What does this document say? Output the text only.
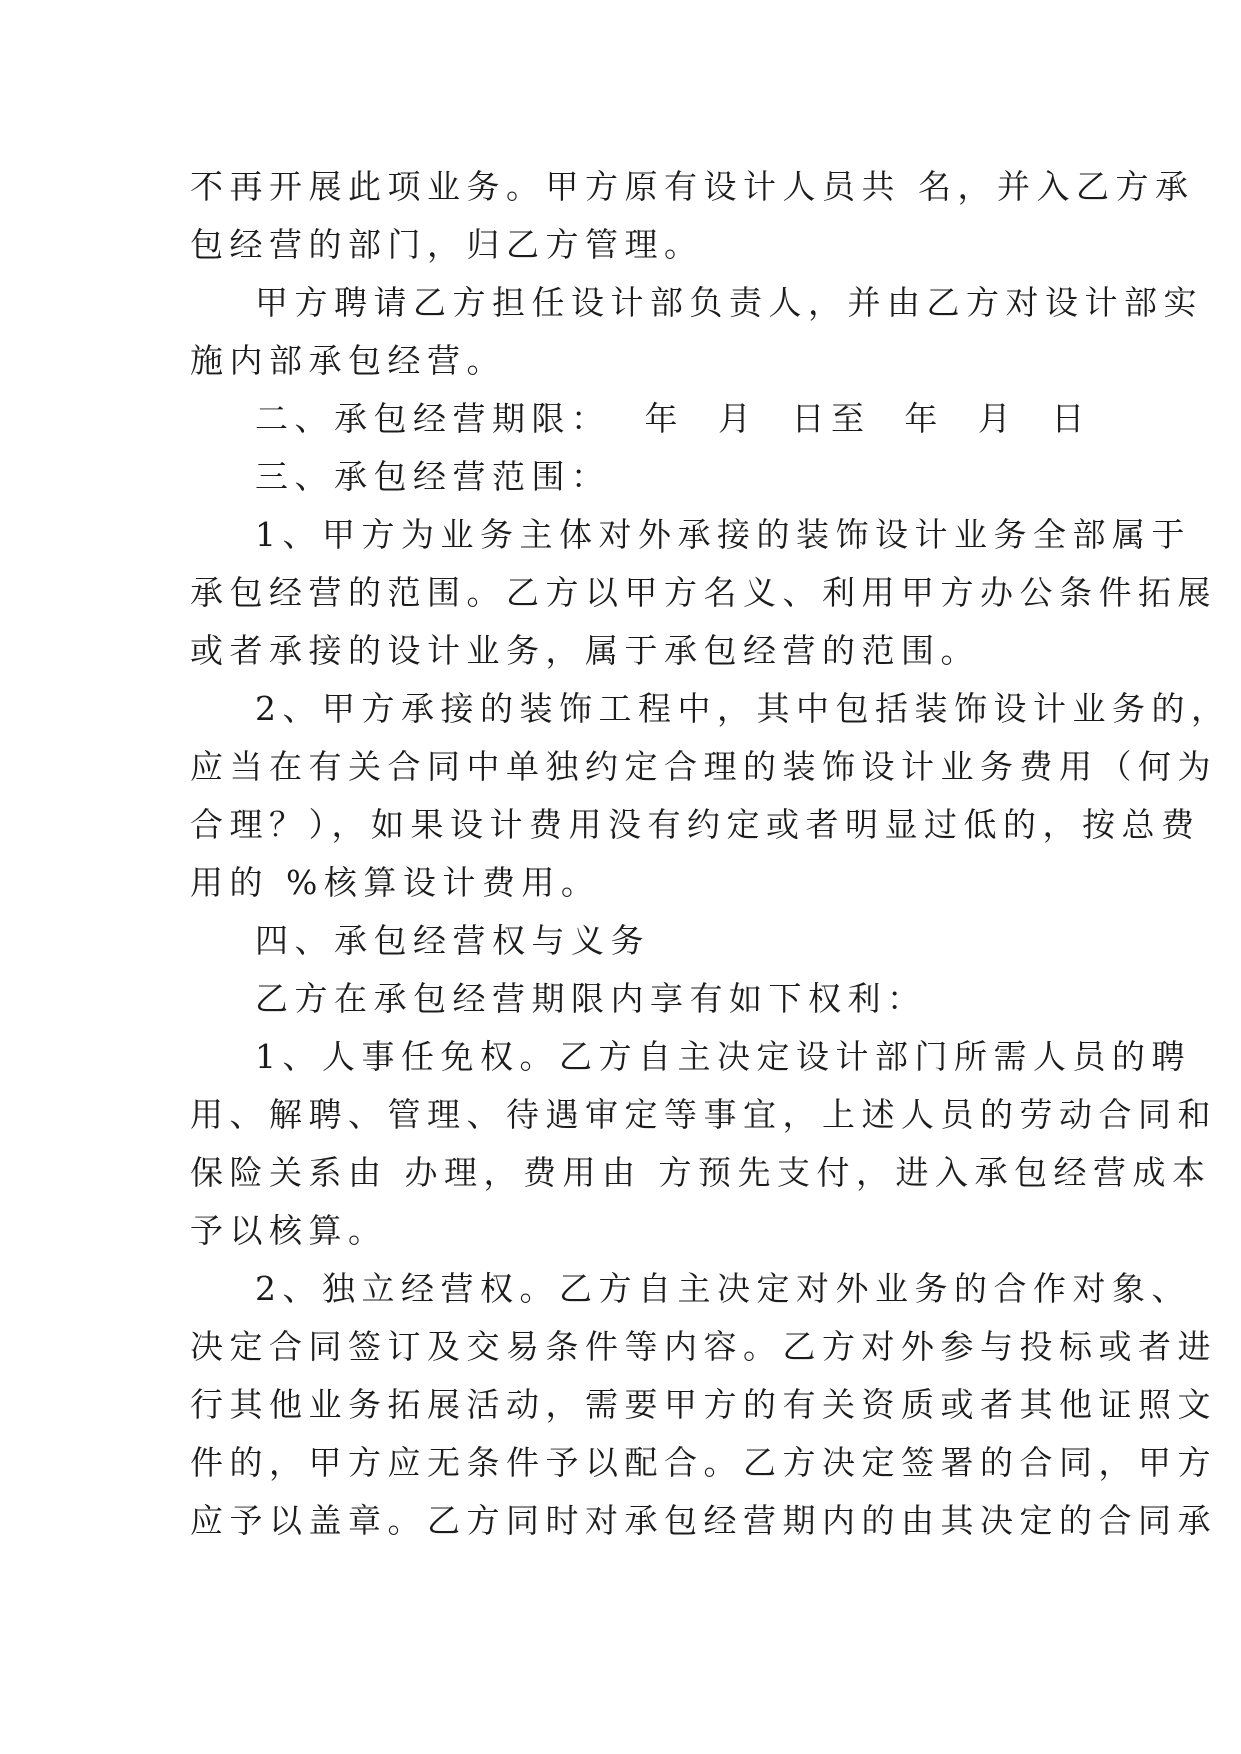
不再开展此项业务。甲方原有设计人员共 名，并入乙方承

包经营的部门，归乙方管理。

甲方聘请乙方担任设计部负责人，并由乙方对设计部实

施内部承包经营。

二、承包经营期限：  年  月  日至  年  月  日

三、承包经营范围：

1、甲方为业务主体对外承接的装饰设计业务全部属于

承包经营的范围。乙方以甲方名义、利用甲方办公条件拓展

或者承接的设计业务，属于承包经营的范围。

2、甲方承接的装饰工程中，其中包括装饰设计业务的，

应当在有关合同中单独约定合理的装饰设计业务费用（何为

合理？），如果设计费用没有约定或者明显过低的，按总费

用的 %核算设计费用。

四、承包经营权与义务

乙方在承包经营期限内享有如下权利：

1、人事任免权。乙方自主决定设计部门所需人员的聘

用、解聘、管理、待遇审定等事宜，上述人员的劳动合同和

保险关系由 办理，费用由 方预先支付，进入承包经营成本

予以核算。

2、独立经营权。乙方自主决定对外业务的合作对象、

决定合同签订及交易条件等内容。乙方对外参与投标或者进

行其他业务拓展活动，需要甲方的有关资质或者其他证照文

件的，甲方应无条件予以配合。乙方决定签署的合同，甲方

应予以盖章。乙方同时对承包经营期内的由其决定的合同承
